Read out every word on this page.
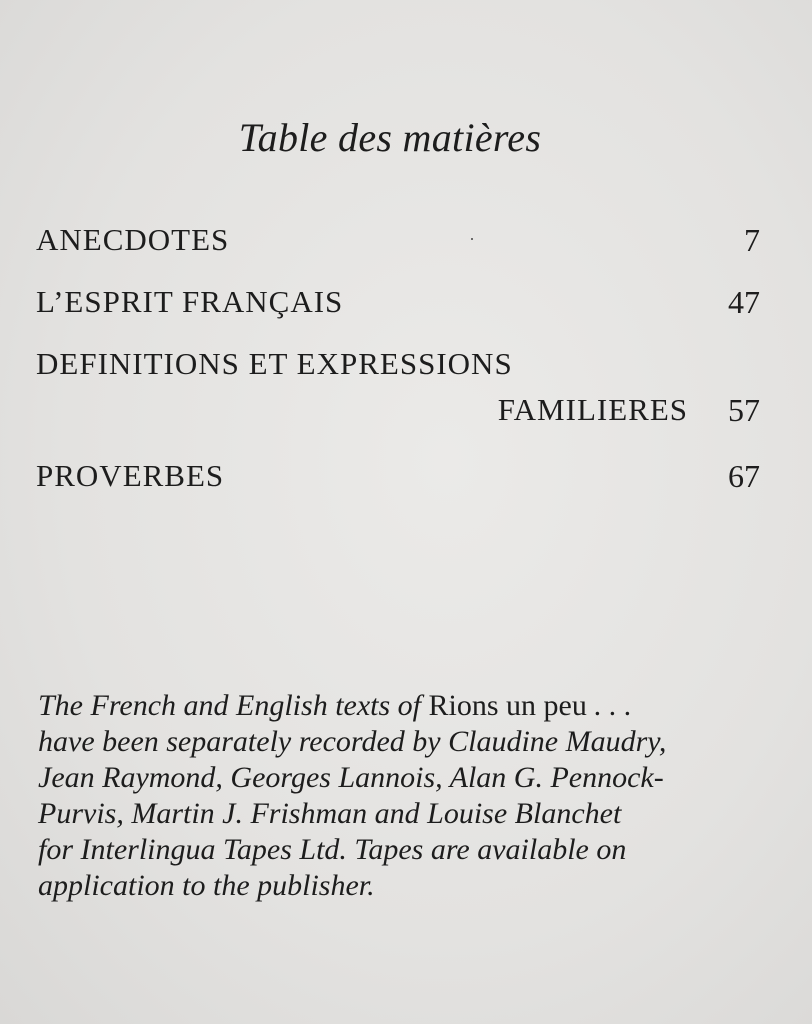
Table des matières
ANECDOTES	7
L’ESPRIT FRANÇAIS	47
DEFINITIONS ET EXPRESSIONS
FAMILIERES 57
PROVERBES	67

The French and English texts of Rions un peu . . .
have been separately recorded by Claudine Maudry,
Jean Raymond, Georges Lannois, Alan G. Pennock-
Purvis, Martin J. Frishman and Louise Blanchet
for Interlingua Tapes Ltd. Tapes are available on
application to the publisher.
